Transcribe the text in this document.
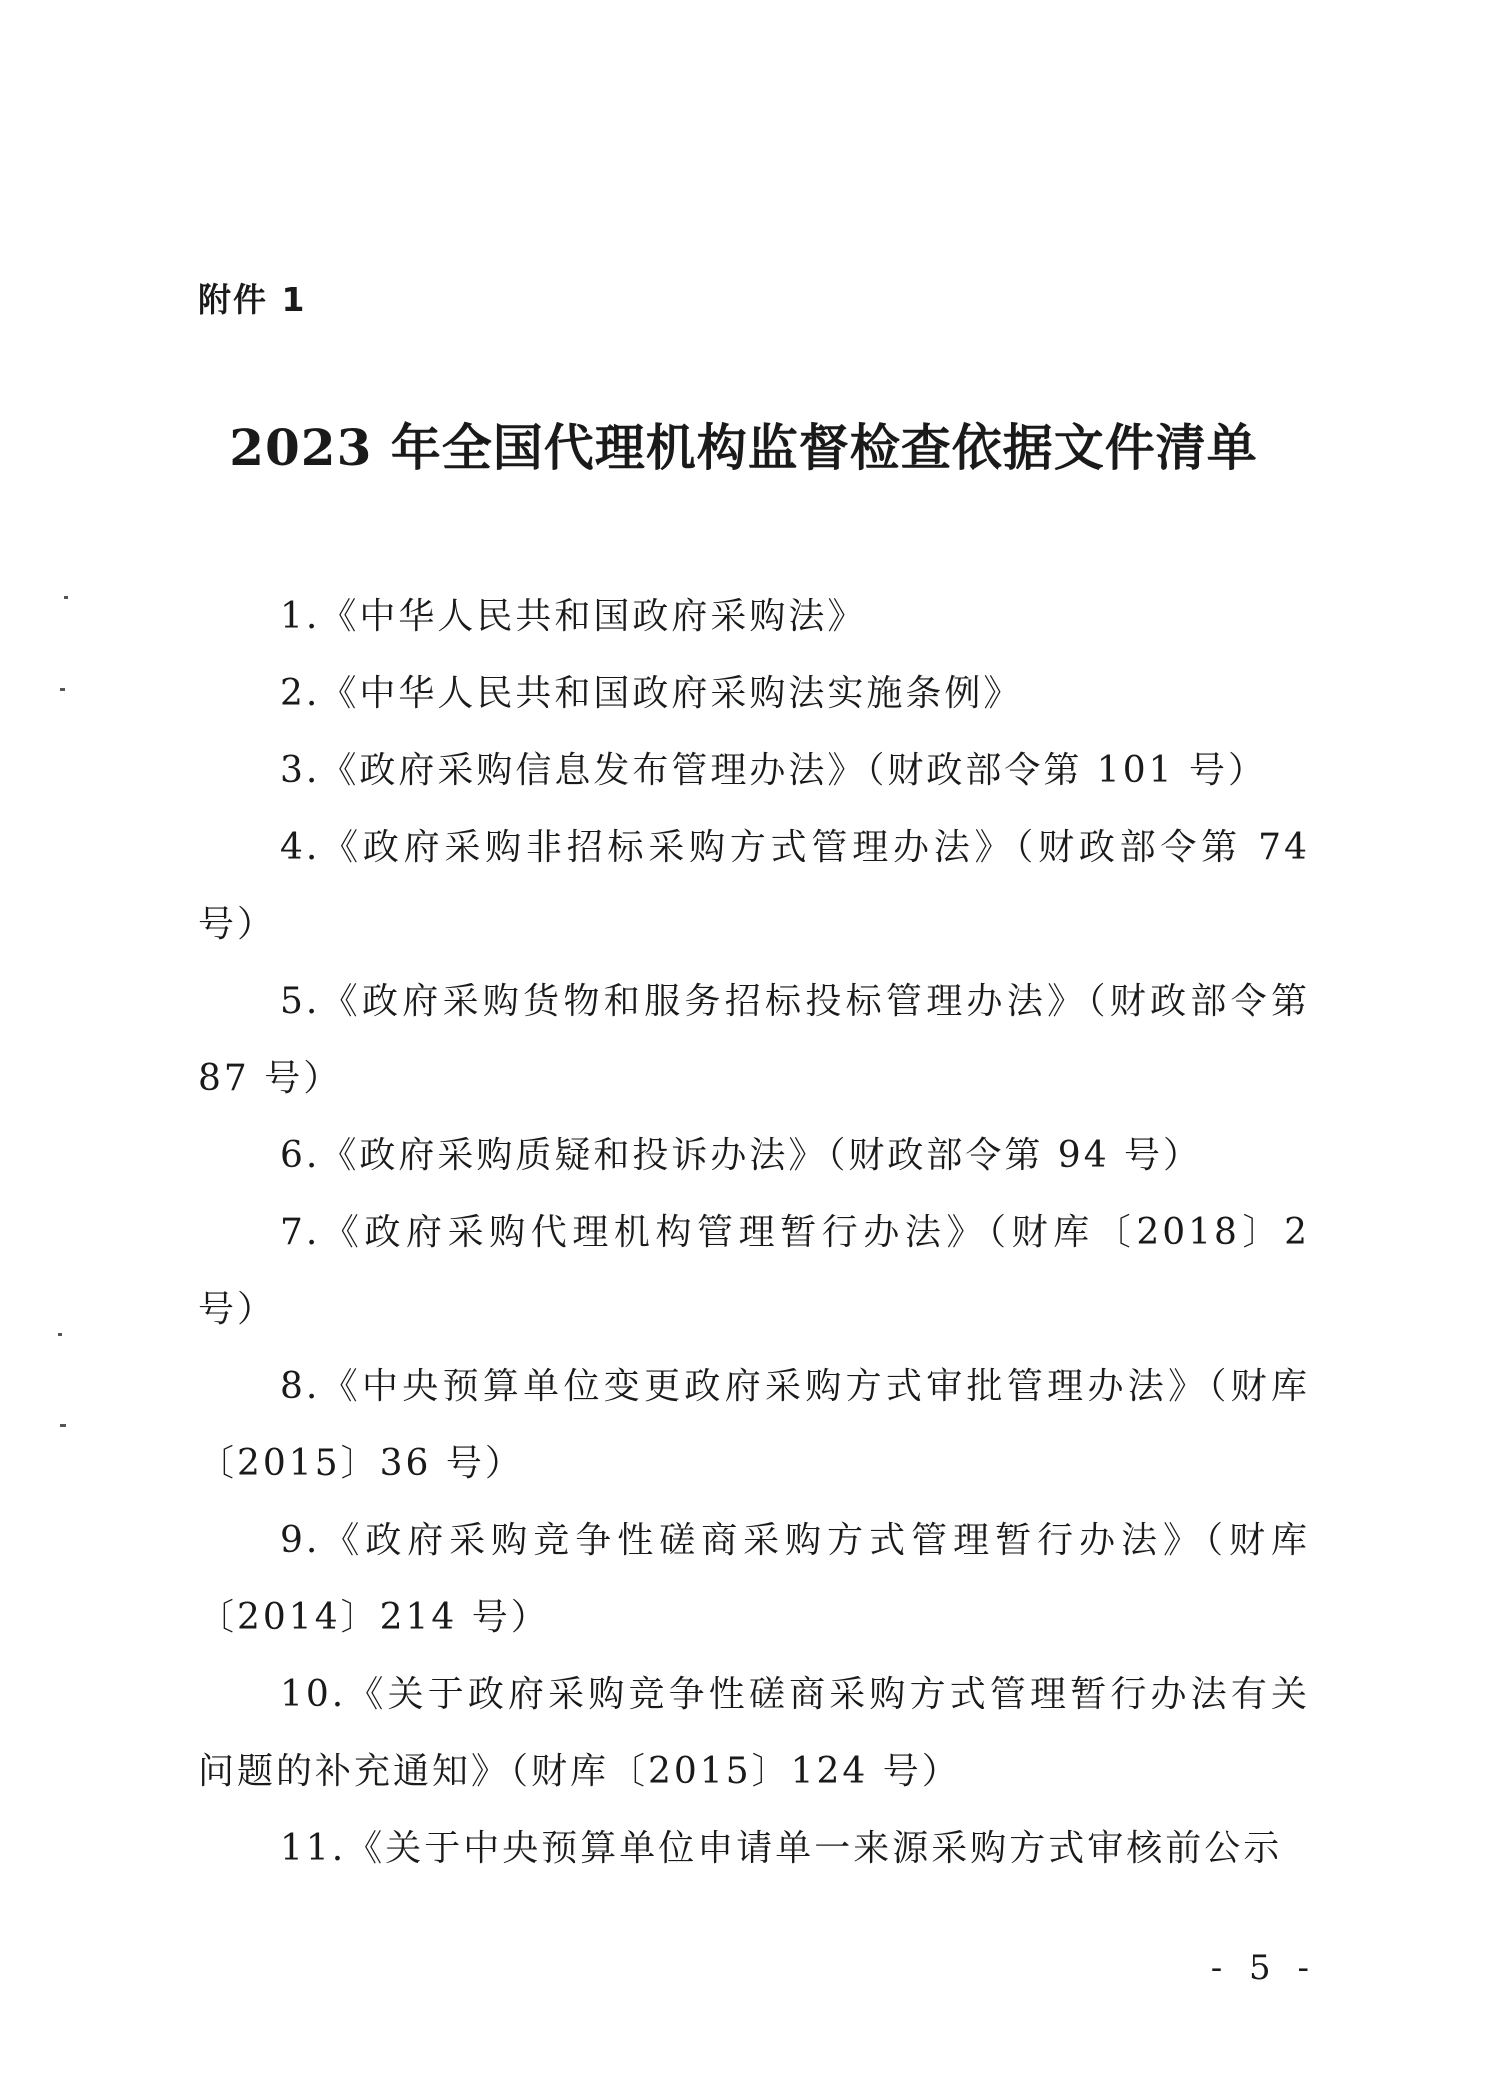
附件 1
2023 年全国代理机构监督检查依据文件清单
1.《中华人民共和国政府采购法》
2.《中华人民共和国政府采购法实施条例》
3.《政府采购信息发布管理办法》（财政部令第 101 号）
4.《政府采购非招标采购方式管理办法》（财政部令第 74 号）
5.《政府采购货物和服务招标投标管理办法》（财政部令第 87 号）
6.《政府采购质疑和投诉办法》（财政部令第 94 号）
7.《政府采购代理机构管理暂行办法》（财库〔2018〕2 号）
8.《中央预算单位变更政府采购方式审批管理办法》（财库〔2015〕36 号）
9.《政府采购竞争性磋商采购方式管理暂行办法》（财库〔2014〕214 号）
10.《关于政府采购竞争性磋商采购方式管理暂行办法有关问题的补充通知》（财库〔2015〕124 号）
11.《关于中央预算单位申请单一来源采购方式审核前公示
- 5 -
